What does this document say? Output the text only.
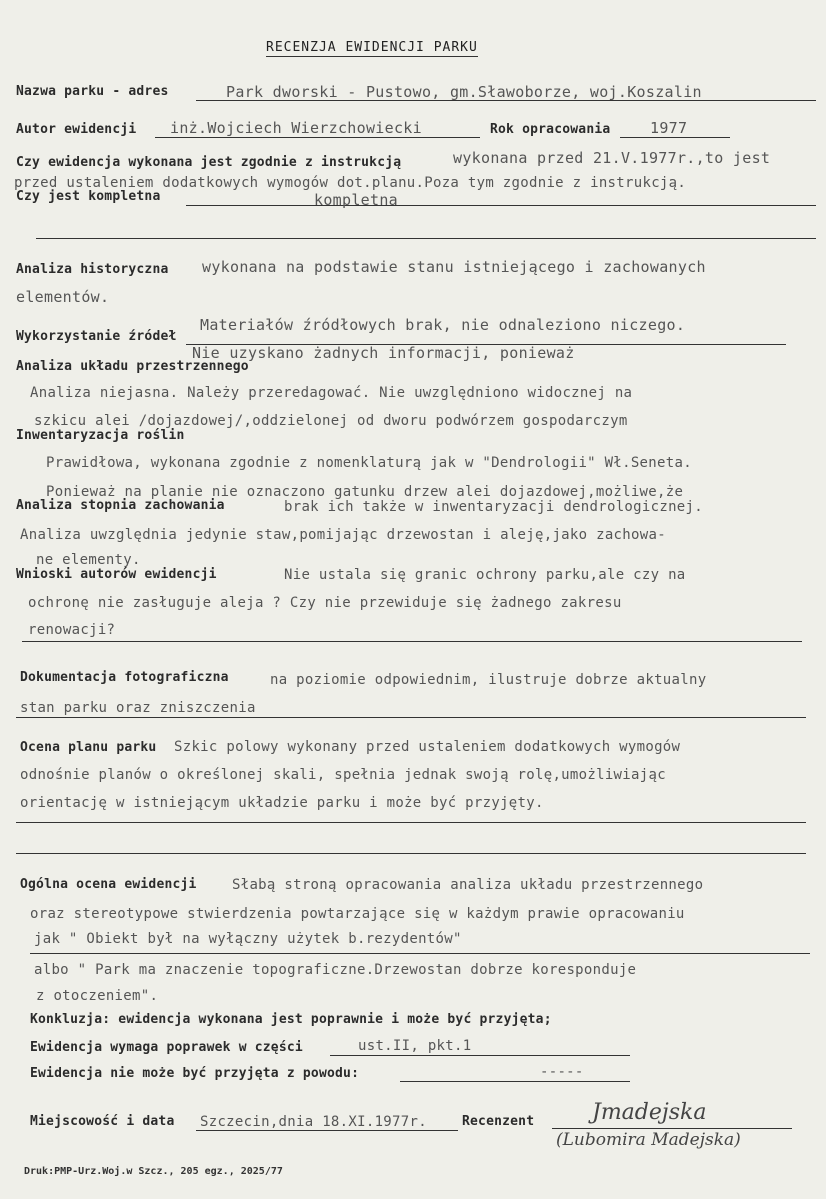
RECENZJA EWIDENCJI PARKU
Nazwa parku - adres	Park dworski - Pustowo, gm.Sławoborze, woj.Koszalin
Autor ewidencji inż.Wojciech Wierzchowiecki	Rok opracowania	1977
Czy ewidencja wykonana jest zgodnie z instrukcją	wykonana przed 21.V.1977r.,to jest
przed ustaleniem dodatkowych wymogów dot.planu.Poza tym zgodnie z instrukcją.
Czy jest kompletna	kompletna
Analiza historyczna wykonana na podstawie stanu istniejącego i zachowanych
elementów.
Wykorzystanie źródeł
Materiałów źródłowych brak, nie odnaleziono niczego.
Nie uzyskano żadnych informacji, ponieważ
Analiza układu przestrzennego
Analiza niejasna. Należy przeredagować. Nie uwzględniono widocznej na
szkicu alei /dojazdowej/,oddzielonej od dworu podwórzem gospodarczym
Inwentaryzacja roślin
Prawidłowa, wykonana zgodnie z nomenklaturą jak w "Dendrologii" Wł.Seneta.
Ponieważ na planie nie oznaczono gatunku drzew alei dojazdowej,możliwe,że
Analiza stopnia zachowania	brak ich także w inwentaryzacji dendrologicznej.
Analiza uwzględnia jedynie staw,pomijając drzewostan i aleję,jako zachowa-
ne elementy.
Wnioski autorów ewidencji	Nie ustala się granic ochrony parku,ale czy na
ochronę nie zasługuje aleja ? Czy nie przewiduje się żadnego zakresu
renowacji?
Dokumentacja fotograficzna	na poziomie odpowiednim, ilustruje dobrze aktualny
stan parku oraz zniszczenia
Ocena planu parku Szkic polowy wykonany przed ustaleniem dodatkowych wymogów
odnośnie planów o określonej skali, spełnia jednak swoją rolę,umożliwiając
orientację w istniejącym układzie parku i może być przyjęty.
Ogólna ocena ewidencji	Słabą stroną opracowania analiza układu przestrzennego
oraz stereotypowe stwierdzenia powtarzające się w każdym prawie opracowaniu
jak " Obiekt był na wyłączny użytek b.rezydentów"
albo " Park ma znaczenie topograficzne.Drzewostan dobrze koresponduje
z otoczeniem".
Konkluzja: ewidencja wykonana jest poprawnie i może być przyjęta;
Ewidencja wymaga poprawek w części	ust.II, pkt.1
Ewidencja nie może być przyjęta z powodu:	-----
Miejscowość i data Szczecin,dnia 18.XI.1977r.	Recenzent	Jmadejska
(Lubomira Madejska)
Druk:PMP-Urz.Woj.w Szcz., 205 egz., 2025/77
